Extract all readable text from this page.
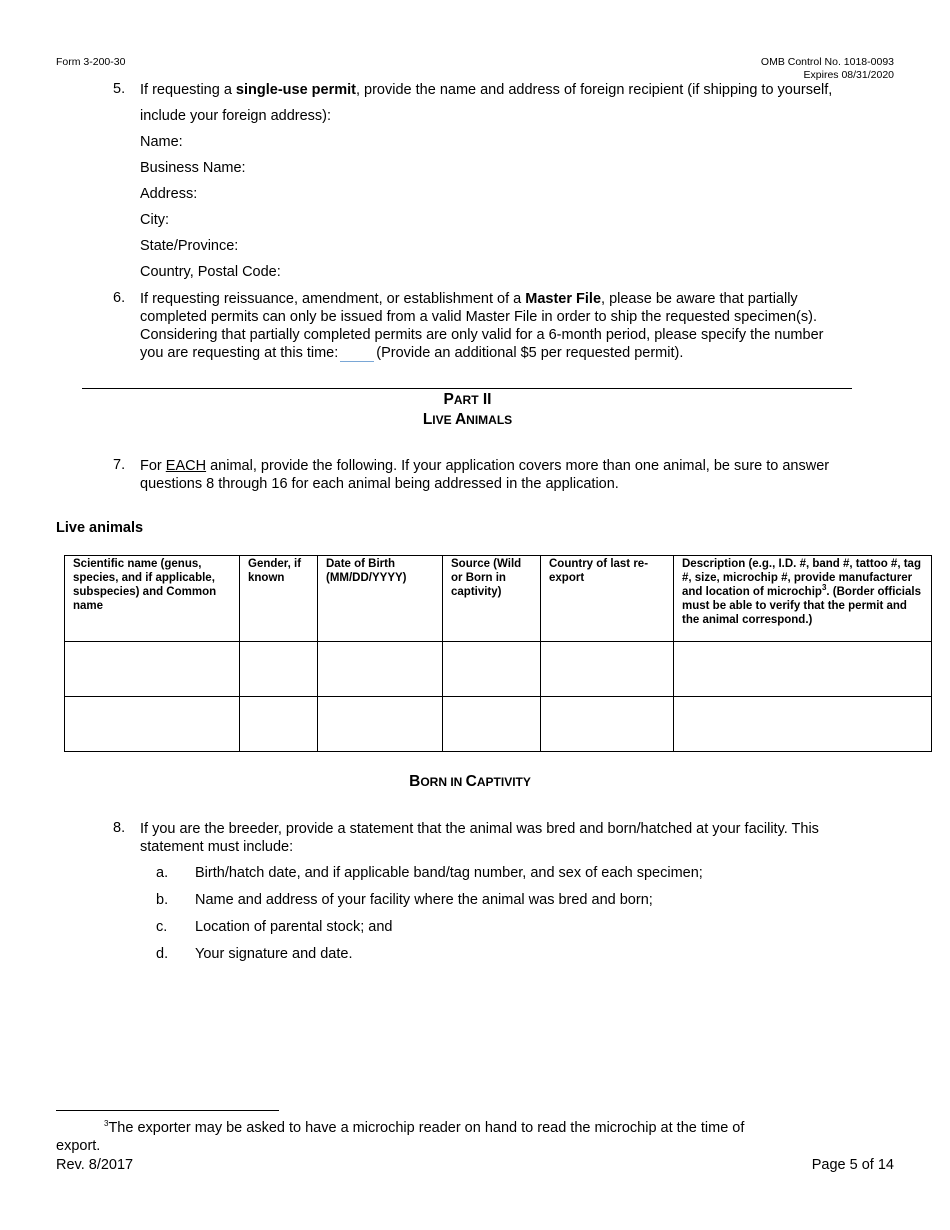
Form 3-200-30	OMB Control No. 1018-0093
Expires 08/31/2020
5. If requesting a single-use permit, provide the name and address of foreign recipient (if shipping to yourself,
include your foreign address):
Name:
Business Name:
Address:
City:
State/Province:
Country, Postal Code:
6. If requesting reissuance, amendment, or establishment of a Master File, please be aware that partially
completed permits can only be issued from a valid Master File in order to ship the requested specimen(s).
Considering that partially completed permits are only valid for a 6-month period, please specify the number
you are requesting at this time:	(Provide an additional $5 per requested permit).
PART II
LIVE ANIMALS
7. For EACH animal, provide the following. If your application covers more than one animal, be sure to answer
questions 8 through 16 for each animal being addressed in the application.
Live animals
Scientific name (genus, species, and if applicable, subspecies) and Common name	Gender, if known	Date of Birth (MM/DD/YYYY)	Source (Wild or Born in captivity)	Country of last re-export	Description (e.g., I.D. #, band #, tattoo #, tag #, size, microchip #, provide manufacturer and location of microchip$^3$. (Border officials must be able to verify that the permit and the animal correspond.)

BORN IN CAPTIVITY
8. If you are the breeder, provide a statement that the animal was bred and born/hatched at your facility. This
statement must include:
a. Birth/hatch date, and if applicable band/tag number, and sex of each specimen;
b. Name and address of your facility where the animal was bred and born;
c. Location of parental stock; and
d. Your signature and date.
$^3$The exporter may be asked to have a microchip reader on hand to read the microchip at the time of
export.
Rev. 8/2017	Page 5 of 14
